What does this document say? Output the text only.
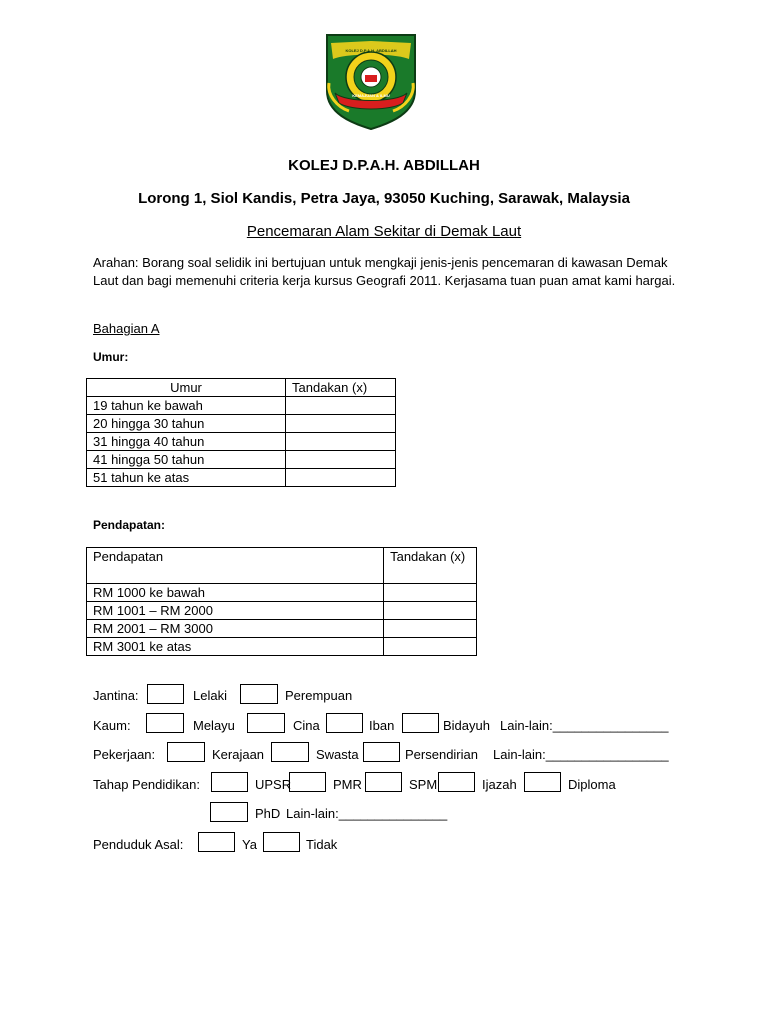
KOLEJ D.P.A.H. ABDILLAH
KEMAJUAN & ILMU
KOLEJ D.P.A.H. ABDILLAH
Lorong 1, Siol Kandis, Petra Jaya, 93050 Kuching, Sarawak, Malaysia
Pencemaran Alam Sekitar di Demak Laut
Arahan: Borang soal selidik ini bertujuan untuk mengkaji jenis-jenis pencemaran di kawasan Demak Laut dan bagi memenuhi criteria kerja kursus Geografi 2011. Kerjasama tuan puan amat kami hargai.
Bahagian A
Umur:
Umur	Tandakan (x)
19 tahun ke bawah	
20 hingga 30 tahun	
31 hingga 40 tahun	
41 hingga 50 tahun	
51 tahun ke atas	
Pendapatan:
Pendapatan	Tandakan (x)
RM 1000 ke bawah	
RM 1001 – RM 2000	
RM 2001 – RM 3000	
RM 3001 ke atas	
Jantina:	Lelaki	Perempuan
Kaum:	Melayu	Cina	Iban	Bidayuh Lain-lain:________________
Pekerjaan:	Kerajaan	Swasta	Persendirian Lain-lain:_________________
Tahap Pendidikan:	UPSR	PMR	SPM	Ijazah	Diploma
PhD Lain-lain:_______________
Penduduk Asal:	Ya	Tidak
